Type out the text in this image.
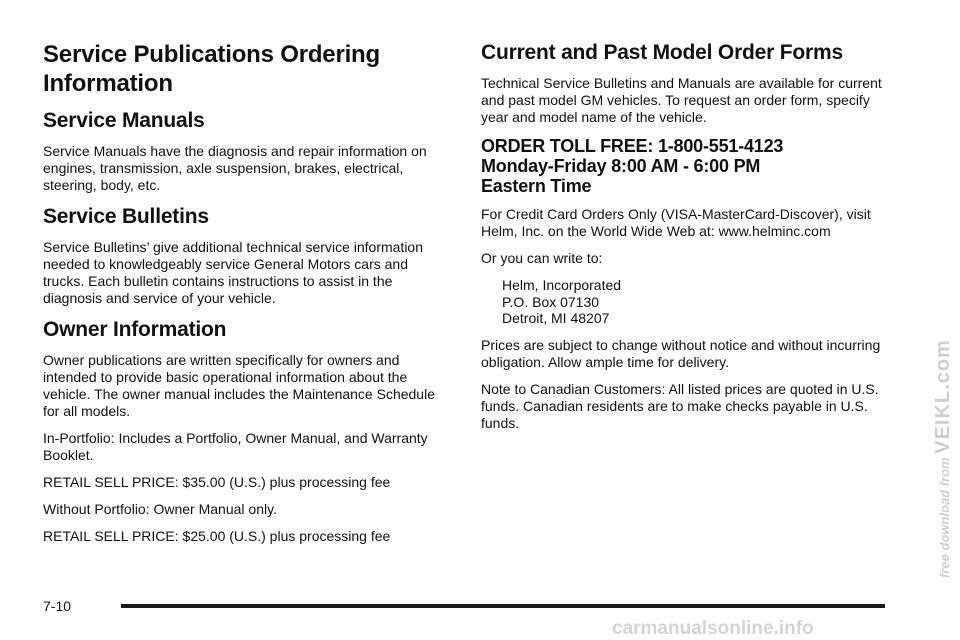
Service Publications Ordering Information
Service Manuals

Service Manuals have the diagnosis and repair information on engines, transmission, axle suspension, brakes, electrical, steering, body, etc.

Service Bulletins

Service Bulletins’ give additional technical service information needed to knowledgeably service General Motors cars and trucks. Each bulletin contains instructions to assist in the diagnosis and service of your vehicle.

Owner Information

Owner publications are written specifically for owners and intended to provide basic operational information about the vehicle. The owner manual includes the Maintenance Schedule for all models.

In-Portfolio: Includes a Portfolio, Owner Manual, and Warranty Booklet.

RETAIL SELL PRICE: $35.00 (U.S.) plus processing fee

Without Portfolio: Owner Manual only.

RETAIL SELL PRICE: $25.00 (U.S.) plus processing fee

Current and Past Model Order Forms

Technical Service Bulletins and Manuals are available for current and past model GM vehicles. To request an order form, specify year and model name of the vehicle.

ORDER TOLL FREE: 1-800-551-4123
Monday-Friday 8:00 AM - 6:00 PM
Eastern Time

For Credit Card Orders Only (VISA-MasterCard-Discover), visit Helm, Inc. on the World Wide Web at: www.helminc.com

Or you can write to:

Helm, Incorporated
P.O. Box 07130
Detroit, MI 48207

Prices are subject to change without notice and without incurring obligation. Allow ample time for delivery.

Note to Canadian Customers: All listed prices are quoted in U.S. funds. Canadian residents are to make checks payable in U.S. funds.

7-10
free download from VEIKL.com
carmanualsonline.info
